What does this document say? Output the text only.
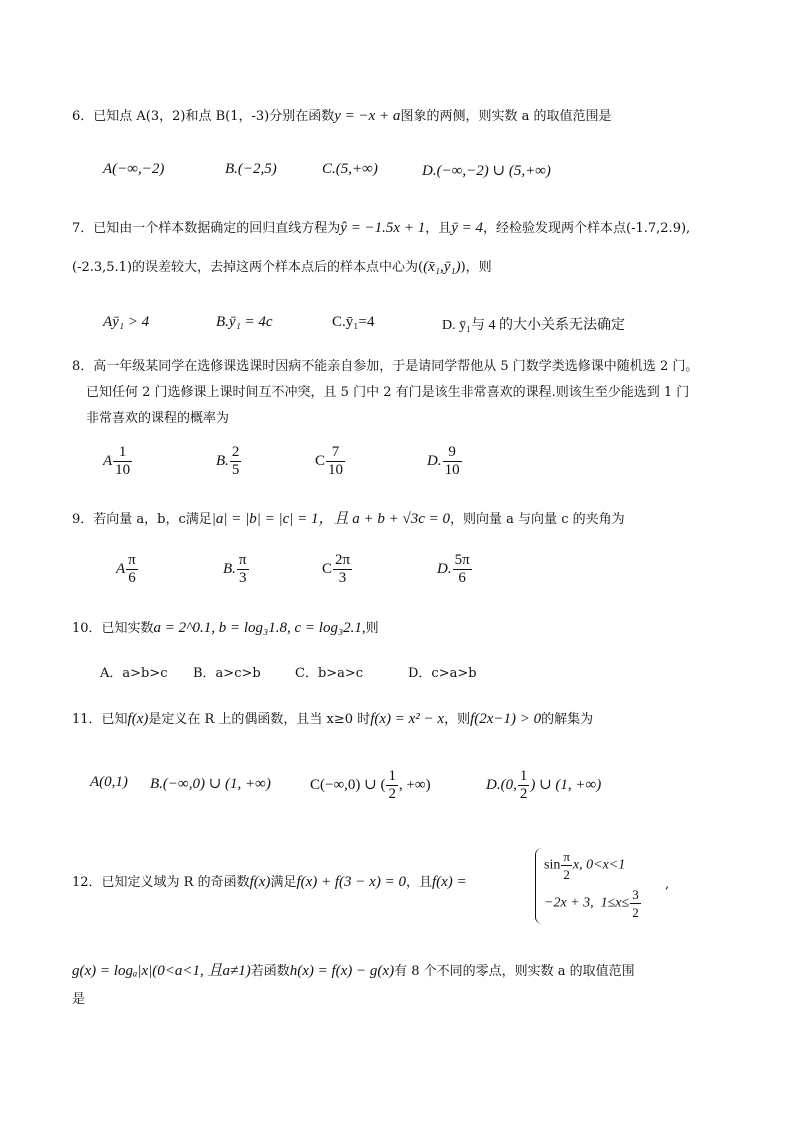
6．已知点 A(3，2)和点 B(1，-3)分别在函数y = −x + a图象的两侧，则实数 a 的取值范围是
A(−∞,−2)	B.(−2,5)	C.(5,+∞)	D.(−∞,−2) ∪ (5,+∞)
7．已知由一个样本数据确定的回归直线方程为ŷ = −1.5x + 1，且ȳ = 4，经检验发现两个样本点(-1.7,2.9),
(-2.3,5.1)的误差较大，去掉这两个样本点后的样本点中心为((x̄₁,ȳ₁))，则
Aȳ₁ > 4	B.ȳ₁ = 4c	C.ȳ₁=4	D. ȳ₁与 4 的大小关系无法确定
8．高一年级某同学在选修课选课时因病不能亲自参加，于是请同学帮他从 5 门数学类选修课中随机选 2 门。
已知任何 2 门选修课上课时间互不冲突，且 5 门中 2 有门是该生非常喜欢的课程.则该生至少能选到 1 门
非常喜欢的课程的概率为
A $\frac{1}{10}$	B. $\frac{2}{5}$	C $\frac{7}{10}$	D. $\frac{9}{10}$
9．若向量 a，b，c满足|a| = |b| = |c| = 1，且 a + b + √3c = 0，则向量 a 与向量 c 的夹角为
A $\frac{\pi}{6}$	B. $\frac{\pi}{3}$	C $\frac{2\pi}{3}$	D. $\frac{5\pi}{6}$
10．已知实数a = 2^0.1, b = log₃1.8, c = log₃2.1,则
A．a>b>c B．a>c>b	C．b>a>c	D．c>a>b
11．已知f(x)是定义在 R 上的偶函数，且当 x≥0 时f(x) = x² − x，则f(2x−1) > 0的解集为
A(0,1) B.(−∞,0) ∪ (1, +∞)	C(−∞,0) ∪ ( $\frac{1}{2}$ , +∞)	D.(0, $\frac{1}{2}$ ) ∪ (1, +∞)
12．已知定义域为 R 的奇函数f(x)满足f(x) + f(3 − x) = 0，且f(x) =
$\sin \frac{\pi}{2} x$, 0<x<1
−2x + 3,  $1\le x\le \frac{3}{2}$
,
g(x) = logₐ|x|(0<a<1, 且a≠1)若函数h(x) = f(x) − g(x)有 8 个不同的零点，则实数 a 的取值范围
是
